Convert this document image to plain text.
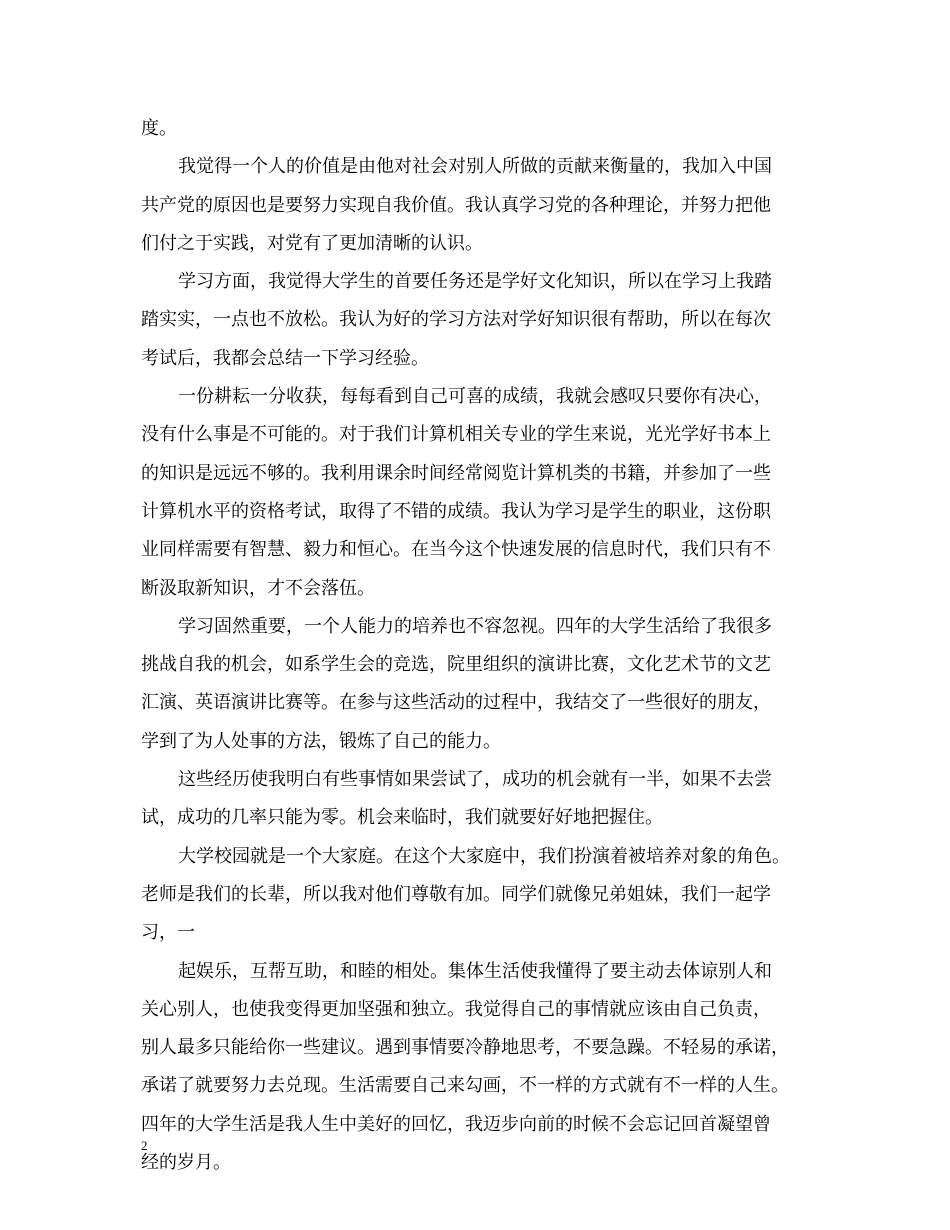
度。
我觉得一个人的价值是由他对社会对别人所做的贡献来衡量的，我加入中国
共产党的原因也是要努力实现自我价值。我认真学习党的各种理论，并努力把他
们付之于实践，对党有了更加清晰的认识。
学习方面，我觉得大学生的首要任务还是学好文化知识，所以在学习上我踏
踏实实，一点也不放松。我认为好的学习方法对学好知识很有帮助，所以在每次
考试后，我都会总结一下学习经验。
一份耕耘一分收获，每每看到自己可喜的成绩，我就会感叹只要你有决心，
没有什么事是不可能的。对于我们计算机相关专业的学生来说，光光学好书本上
的知识是远远不够的。我利用课余时间经常阅览计算机类的书籍，并参加了一些
计算机水平的资格考试，取得了不错的成绩。我认为学习是学生的职业，这份职
业同样需要有智慧、毅力和恒心。在当今这个快速发展的信息时代，我们只有不
断汲取新知识，才不会落伍。
学习固然重要，一个人能力的培养也不容忽视。四年的大学生活给了我很多
挑战自我的机会，如系学生会的竞选，院里组织的演讲比赛，文化艺术节的文艺
汇演、英语演讲比赛等。在参与这些活动的过程中，我结交了一些很好的朋友，
学到了为人处事的方法，锻炼了自己的能力。
这些经历使我明白有些事情如果尝试了，成功的机会就有一半，如果不去尝
试，成功的几率只能为零。机会来临时，我们就要好好地把握住。
大学校园就是一个大家庭。在这个大家庭中，我们扮演着被培养对象的角色。
老师是我们的长辈，所以我对他们尊敬有加。同学们就像兄弟姐妹，我们一起学
习，一
起娱乐，互帮互助，和睦的相处。集体生活使我懂得了要主动去体谅别人和
关心别人，也使我变得更加坚强和独立。我觉得自己的事情就应该由自己负责，
别人最多只能给你一些建议。遇到事情要冷静地思考，不要急躁。不轻易的承诺，
承诺了就要努力去兑现。生活需要自己来勾画，不一样的方式就有不一样的人生。
四年的大学生活是我人生中美好的回忆，我迈步向前的时候不会忘记回首凝望曾
经的岁月。
2
